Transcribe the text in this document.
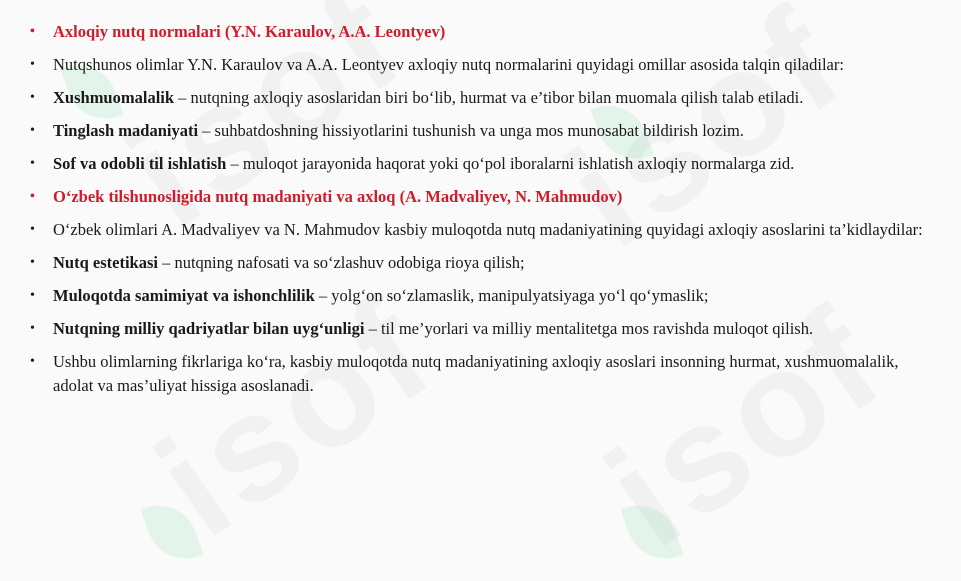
• Axloqiy nutq normalari (Y.N. Karaulov, A.A. Leontyev)
• Nutqshunos olimlar Y.N. Karaulov va A.A. Leontyev axloqiy nutq normalarini quyidagi omillar asosida talqin qiladilar:
• Xushmuomalalik – nutqning axloqiy asoslaridan biri bo‘lib, hurmat va e’tibor bilan muomala qilish talab etiladi.
• Tinglash madaniyati – suhbatdoshning hissiyotlarini tushunish va unga mos munosabat bildirish lozim.
• Sof va odobli til ishlatish – muloqot jarayonida haqorat yoki qo‘pol iboralarni ishlatish axloqiy normalarga zid.
• O‘zbek tilshunosligida nutq madaniyati va axloq (A. Madvaliyev, N. Mahmudov)
• O‘zbek olimlari A. Madvaliyev va N. Mahmudov kasbiy muloqotda nutq madaniyatining quyidagi axloqiy asoslarini ta’kidlaydilar:
• Nutq estetikasi – nutqning nafosati va so‘zlashuv odobiga rioya qilish;
• Muloqotda samimiyat va ishonchlilik – yolg‘on so‘zlamaslik, manipulyatsiyaga yo‘l qo‘ymaslik;
• Nutqning milliy qadriyatlar bilan uyg‘unligi – til me’yorlari va milliy mentalitetga mos ravishda muloqot qilish.
• Ushbu olimlarning fikrlariga ko‘ra, kasbiy muloqotda nutq madaniyatining axloqiy asoslari insonning hurmat, xushmuomalalik, adolat va mas’uliyat hissiga asoslanadi.
